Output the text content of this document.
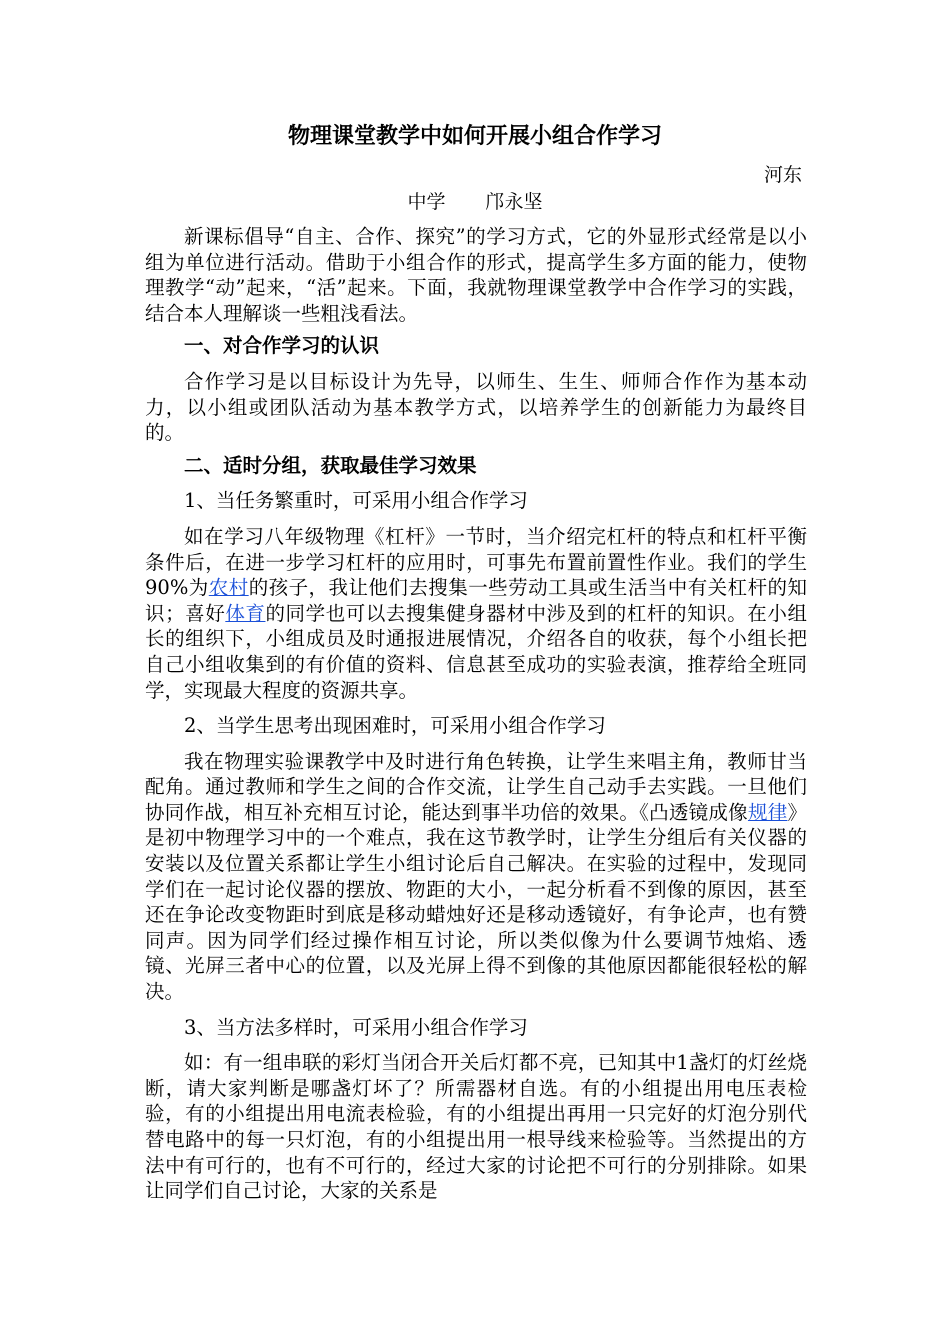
物理课堂教学中如何开展小组合作学习
河东
中学 邝永坚

新课标倡导“自主、合作、探究”的学习方式，它的外显形式经常是以小组为单位进行活动。借助于小组合作的形式，提高学生多方面的能力，使物理教学“动”起来，“活”起来。下面，我就物理课堂教学中合作学习的实践，结合本人理解谈一些粗浅看法。

一、对合作学习的认识

合作学习是以目标设计为先导，以师生、生生、师师合作作为基本动力，以小组或团队活动为基本教学方式，以培养学生的创新能力为最终目的。

二、适时分组，获取最佳学习效果

1、当任务繁重时，可采用小组合作学习

如在学习八年级物理《杠杆》一节时，当介绍完杠杆的特点和杠杆平衡条件后，在进一步学习杠杆的应用时，可事先布置前置性作业。我们的学生90%为农村的孩子，我让他们去搜集一些劳动工具或生活当中有关杠杆的知识；喜好体育的同学也可以去搜集健身器材中涉及到的杠杆的知识。在小组长的组织下，小组成员及时通报进展情况，介绍各自的收获，每个小组长把自己小组收集到的有价值的资料、信息甚至成功的实验表演，推荐给全班同学，实现最大程度的资源共享。

2、当学生思考出现困难时，可采用小组合作学习

我在物理实验课教学中及时进行角色转换，让学生来唱主角，教师甘当配角。通过教师和学生之间的合作交流，让学生自己动手去实践。一旦他们协同作战，相互补充相互讨论，能达到事半功倍的效果。《凸透镜成像规律》是初中物理学习中的一个难点，我在这节教学时，让学生分组后有关仪器的安装以及位置关系都让学生小组讨论后自己解决。在实验的过程中，发现同学们在一起讨论仪器的摆放、物距的大小，一起分析看不到像的原因，甚至还在争论改变物距时到底是移动蜡烛好还是移动透镜好，有争论声，也有赞同声。因为同学们经过操作相互讨论，所以类似像为什么要调节烛焰、透镜、光屏三者中心的位置，以及光屏上得不到像的其他原因都能很轻松的解决。

3、当方法多样时，可采用小组合作学习

如：有一组串联的彩灯当闭合开关后灯都不亮，已知其中1盏灯的灯丝烧断，请大家判断是哪盏灯坏了？所需器材自选。有的小组提出用电压表检验，有的小组提出用电流表检验，有的小组提出再用一只完好的灯泡分别代替电路中的每一只灯泡，有的小组提出用一根导线来检验等。当然提出的方法中有可行的，也有不可行的，经过大家的讨论把不可行的分别排除。如果让同学们自己讨论，大家的关系是
